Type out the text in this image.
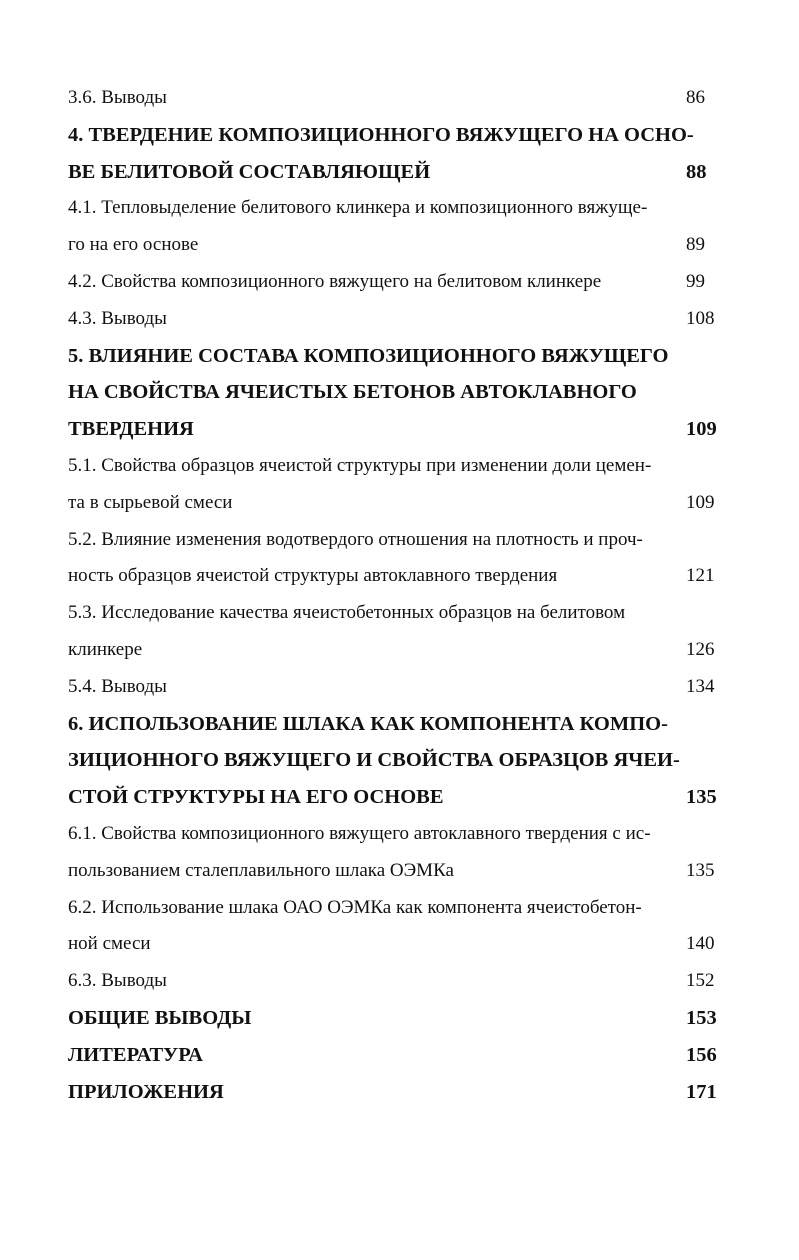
3.6. Выводы	86
4. ТВЕРДЕНИЕ КОМПОЗИЦИОННОГО ВЯЖУЩЕГО НА ОСНО-
ВЕ БЕЛИТОВОЙ СОСТАВЛЯЮЩЕЙ	88
4.1. Тепловыделение белитового клинкера и композиционного вяжуще-
го на его основе	89
4.2. Свойства композиционного вяжущего на белитовом клинкере	99
4.3. Выводы	108
5. ВЛИЯНИЕ СОСТАВА КОМПОЗИЦИОННОГО ВЯЖУЩЕГО
НА СВОЙСТВА ЯЧЕИСТЫХ БЕТОНОВ АВТОКЛАВНОГО
ТВЕРДЕНИЯ	109
5.1. Свойства образцов ячеистой структуры при изменении доли цемен-
та в сырьевой смеси	109
5.2. Влияние изменения водотвердого отношения на плотность и проч-
ность образцов ячеистой структуры автоклавного твердения	121
5.3. Исследование качества ячеистобетонных образцов на белитовом
клинкере	126
5.4. Выводы	134
6. ИСПОЛЬЗОВАНИЕ ШЛАКА КАК КОМПОНЕНТА КОМПО-
ЗИЦИОННОГО ВЯЖУЩЕГО И СВОЙСТВА ОБРАЗЦОВ ЯЧЕИ-
СТОЙ СТРУКТУРЫ НА ЕГО ОСНОВЕ	135
6.1. Свойства композиционного вяжущего автоклавного твердения с ис-
пользованием сталеплавильного шлака ОЭМКа	135
6.2. Использование шлака ОАО ОЭМКа как компонента ячеистобетон-
ной смеси	140
6.3. Выводы	152
ОБЩИЕ ВЫВОДЫ	153
ЛИТЕРАТУРА	156
ПРИЛОЖЕНИЯ	171
